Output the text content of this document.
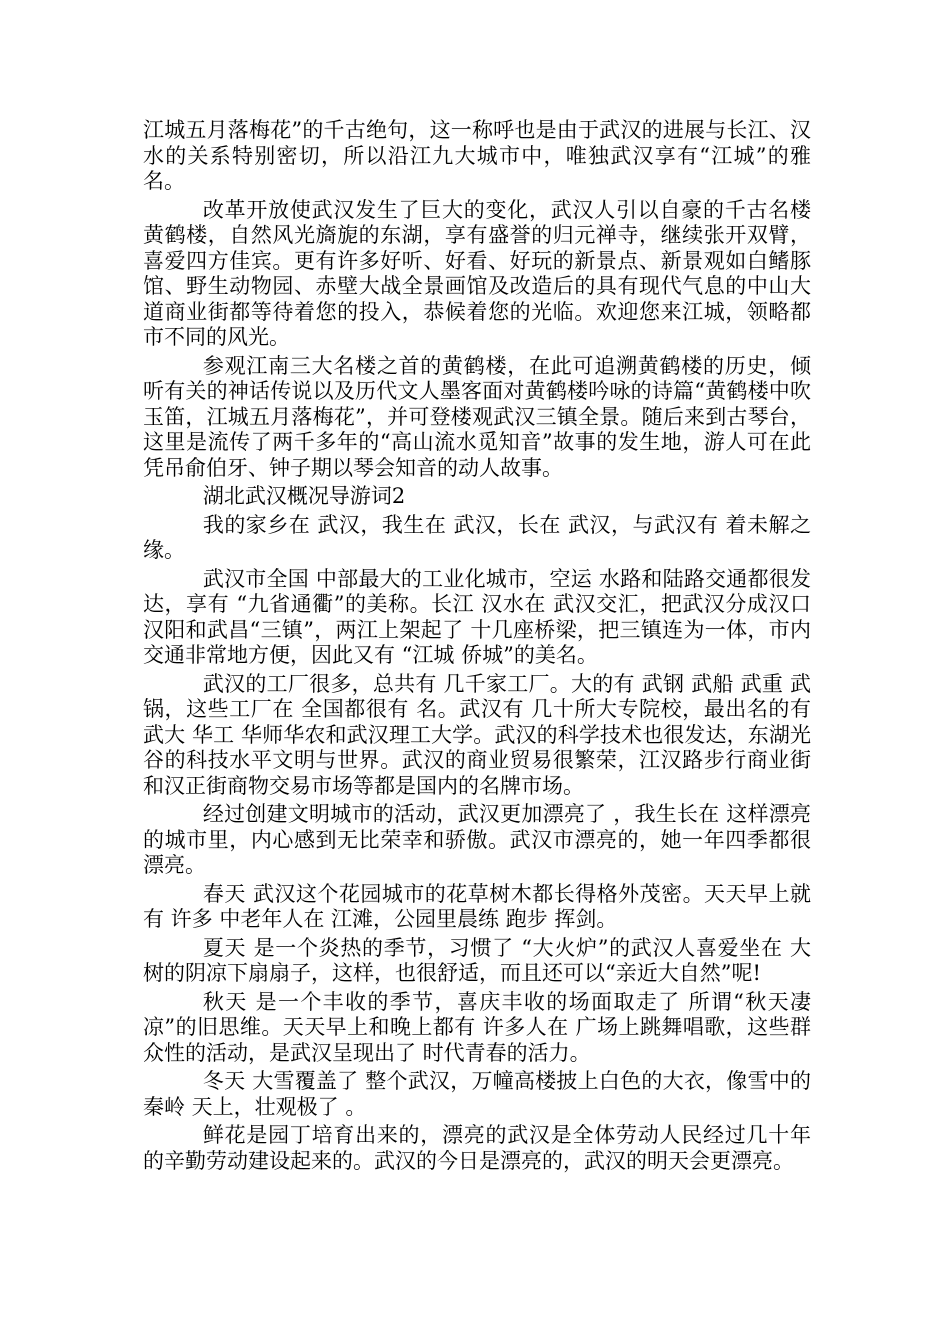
江城五月落梅花”的千古绝句，这一称呼也是由于武汉的进展与长江、汉水的关系特别密切，所以沿江九大城市中，唯独武汉享有“江城”的雅名。

改革开放使武汉发生了巨大的变化，武汉人引以自豪的千古名楼黄鹤楼，自然风光旖旎的东湖，享有盛誉的归元禅寺，继续张开双臂，喜爱四方佳宾。更有许多好听、好看、好玩的新景点、新景观如白鳍豚馆、野生动物园、赤壁大战全景画馆及改造后的具有现代气息的中山大道商业街都等待着您的投入，恭候着您的光临。欢迎您来江城，领略都市不同的风光。

参观江南三大名楼之首的黄鹤楼，在此可追溯黄鹤楼的历史，倾听有关的神话传说以及历代文人墨客面对黄鹤楼吟咏的诗篇“黄鹤楼中吹玉笛，江城五月落梅花”，并可登楼观武汉三镇全景。随后来到古琴台，这里是流传了两千多年的“高山流水觅知音”故事的发生地，游人可在此凭吊俞伯牙、钟子期以琴会知音的动人故事。

湖北武汉概况导游词2

我的家乡在 武汉，我生在 武汉，长在 武汉，与武汉有 着未解之缘。

武汉市全国 中部最大的工业化城市，空运 水路和陆路交通都很发达，享有 “九省通衢”的美称。长江 汉水在 武汉交汇，把武汉分成汉口汉阳和武昌“三镇”，两江上架起了 十几座桥梁，把三镇连为一体，市内交通非常地方便，因此又有 “江城 侨城”的美名。

武汉的工厂很多，总共有 几千家工厂。大的有 武钢 武船 武重 武锅，这些工厂在 全国都很有 名。武汉有 几十所大专院校，最出名的有 武大 华工 华师华农和武汉理工大学。武汉的科学技术也很发达，东湖光谷的科技水平文明与世界。武汉的商业贸易很繁荣，江汉路步行商业街和汉正街商物交易市场等都是国内的名牌市场。

经过创建文明城市的活动，武汉更加漂亮了 ，我生长在 这样漂亮的城市里，内心感到无比荣幸和骄傲。武汉市漂亮的，她一年四季都很漂亮。

春天 武汉这个花园城市的花草树木都长得格外茂密。天天早上就有 许多 中老年人在 江滩，公园里晨练 跑步 挥剑。

夏天 是一个炎热的季节，习惯了 “大火炉”的武汉人喜爱坐在 大树的阴凉下扇扇子，这样，也很舒适，而且还可以“亲近大自然”呢!

秋天 是一个丰收的季节，喜庆丰收的场面取走了 所谓“秋天凄凉”的旧思维。天天早上和晚上都有 许多人在 广场上跳舞唱歌，这些群众性的活动，是武汉呈现出了 时代青春的活力。

冬天 大雪覆盖了 整个武汉，万幢高楼披上白色的大衣，像雪中的秦岭 天上，壮观极了 。

鲜花是园丁培育出来的，漂亮的武汉是全体劳动人民经过几十年的辛勤劳动建设起来的。武汉的今日是漂亮的，武汉的明天会更漂亮。
